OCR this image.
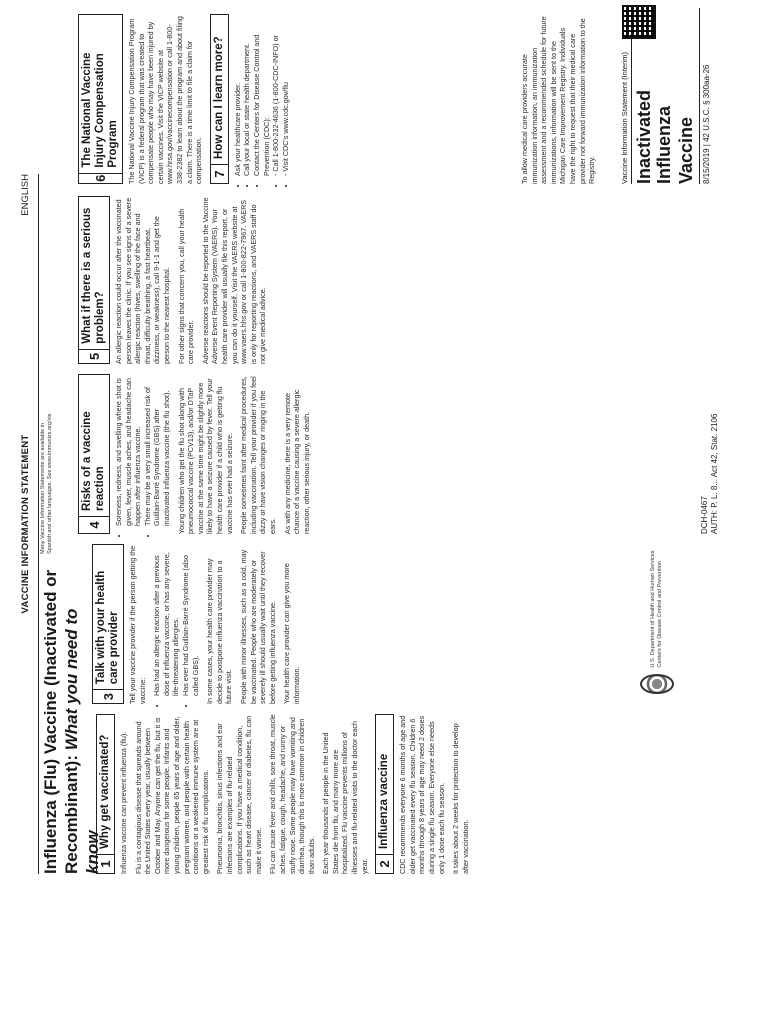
VACCINE INFORMATION STATEMENT
ENGLISH
Influenza (Flu) Vaccine (Inactivated or Recombinant): What you need to know
Many Vaccine Information Statements are available in Spanish and other languages. See www.immunize.org/vis
1
Why get vaccinated?	Influenza vaccine can prevent influenza (flu). Flu is a contagious disease that spreads around the United States every year, usually between October and May. Anyone can get the flu, but it is more dangerous for some people. Infants and young children, people 65 years of age and older, pregnant women, and people with certain health conditions or a weakened immune system are at greatest risk of flu complications. Pneumonia, bronchitis, sinus infections and ear infections are examples of flu-related complications. If you have a medical condition, such as heart disease, cancer or diabetes, flu can make it worse. Flu can cause fever and chills, sore throat, muscle aches, fatigue, cough, headache, and runny or stuffy nose. Some people may have vomiting and diarrhea, though this is more common in children than adults. Each year thousands of people in the United States die from flu, and many more are hospitalized. Flu vaccine prevents millions of illnesses and flu-related visits to the doctor each year. 2
Influenza vaccine	CDC recommends everyone 6 months of age and older get vaccinated every flu season. Children 6 months through 8 years of age may need 2 doses during a single flu season. Everyone else needs only 1 dose each flu season. It takes about 2 weeks for protection to develop after vaccination.

3
Talk with your health care provider	Tell your vaccine provider if the person getting the vaccine: • Has had an allergic reaction after a previous dose of influenza vaccine, or has any severe, life-threatening allergies. • Has ever had Guillain-Barré Syndrome (also called GBS). In some cases, your health care provider may decide to postpone influenza vaccination to a future visit. People with minor illnesses, such as a cold, may be vaccinated. People who are moderately or severely ill should usually wait until they recover before getting influenza vaccine. Your health care provider can give you more information.

U.S. Department of Health and Human Services Centers for Disease Control and Prevention
4
Risks of a vaccine reaction	• Soreness, redness, and swelling where shot is given, fever, muscle aches, and headache can happen after influenza vaccine. • There may be a very small increased risk of Guillain-Barré Syndrome (GBS) after inactivated influenza vaccine (the flu shot). Young children who get the flu shot along with pneumococcal vaccine (PCV13), and/or DTaP vaccine at the same time might be slightly more likely to have a seizure caused by fever. Tell your health care provider if a child who is getting flu vaccine has ever had a seizure. People sometimes faint after medical procedures, including vaccination. Tell your provider if you feel dizzy or have vision changes or ringing in the ears. As with any medicine, there is a very remote chance of a vaccine causing a severe allergic reaction, other serious injury, or death.

5
What if there is a serious problem?	An allergic reaction could occur after the vaccinated person leaves the clinic. If you see signs of a severe allergic reaction (hives, swelling of the face and throat, difficulty breathing, a fast heartbeat, dizziness, or weakness), call 9-1-1 and get the person to the nearest hospital. For other signs that concern you, call your health care provider. Adverse reactions should be reported to the Vaccine Adverse Event Reporting System (VAERS). Your health care provider will usually file this report, or you can do it yourself. Visit the VAERS website at www.vaers.hhs.gov or call 1-800-822-7967. VAERS is only for reporting reactions, and VAERS staff do not give medical advice.

DCH-0467 AUTH: P. L. 8... Act 42, Stat. 2106
6
The National Vaccine Injury Compensation Program	The National Vaccine Injury Compensation Program (VICP) is a federal program that was created to compensate people who may have been injured by certain vaccines. Visit the VICP website at www.hrsa.gov/vaccinecompensation or call 1-800-338-2382 to learn about the program and about filing a claim. There is a time limit to file a claim for compensation. 7
How can I learn more?	• Ask your healthcare provider. • Call your local or state health department. • Contact the Centers for Disease Control and Prevention (CDC): • - Call 1-800-232-4636 (1-800-CDC-INFO) or • - Visit CDC's www.cdc.gov/flu	To allow medical care providers accurate immunization information, an immunization assessment and a recommended schedule for future immunizations, information will be sent to the Michigan Care Improvement Registry. Individuals have the right to request that their medical care provider not forward immunization information to the Registry.	Vaccine Information Statement (Interim) Inactivated Influenza Vaccine 8/15/2019 | 42 U.S.C. § 300aa-26
